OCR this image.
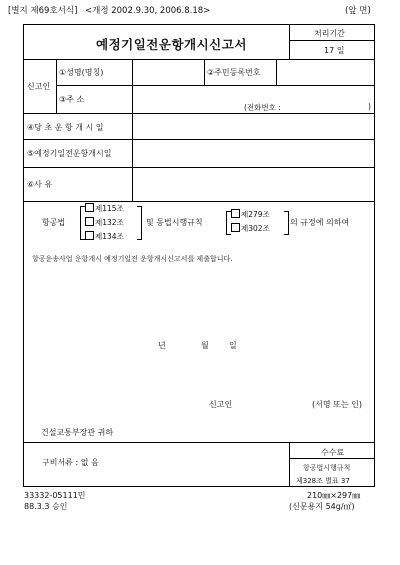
[별지 제69호서식] <개정 2002.9.30, 2006.8.18>	(앞 면)
예정기일전운항개시신고서
처리기간
17 일
신고인
①성명(명칭)	②주민등록번호
③주 소
(전화번호 :	)
④당 초 운 항 개 시 일
⑤예정기일전운항개시일
⑥사 유
항공법
제115조
제132조
제134조
및 동법시행규칙
제279조
제302조
의 규정에 의하여
항공운송사업 운항개시 예정기일전 운항개시신고서를 제출합니다.
년	월	일
신고인	(서명 또는 인)
건설교통부장관 귀하
구비서류 : 없 음
수수료
항공법시행규칙
제328조 별표 37
33332-05111민
88.3.3 승인
210㎜×297㎜
(신문용지 54g/㎡)
